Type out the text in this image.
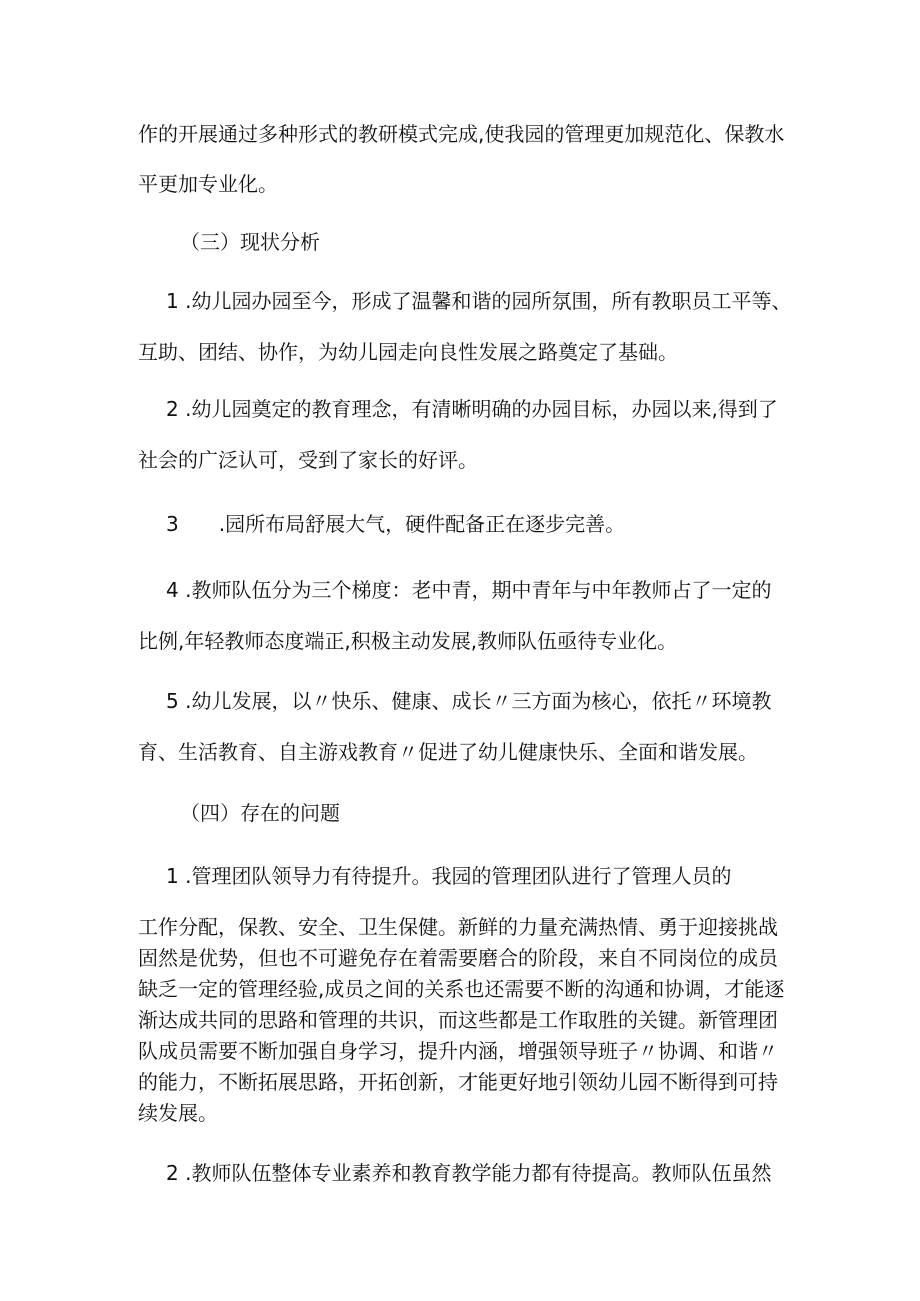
作的开展通过多种形式的教研模式完成,使我园的管理更加规范化、保教水
平更加专业化。
（三）现状分析
1 .幼儿园办园至今，形成了温馨和谐的园所氛围，所有教职员工平等、
互助、团结、协作，为幼儿园走向良性发展之路奠定了基础。
2 .幼儿园奠定的教育理念，有清晰明确的办园目标，办园以来,得到了
社会的广泛认可，受到了家长的好评。
3　　.园所布局舒展大气，硬件配备正在逐步完善。
4 .教师队伍分为三个梯度：老中青，期中青年与中年教师占了一定的
比例,年轻教师态度端正,积极主动发展,教师队伍亟待专业化。
5 .幼儿发展，以〃快乐、健康、成长〃三方面为核心，依托〃环境教
育、生活教育、自主游戏教育〃促进了幼儿健康快乐、全面和谐发展。
（四）存在的问题
1 .管理团队领导力有待提升。我园的管理团队进行了管理人员的
工作分配，保教、安全、卫生保健。新鲜的力量充满热情、勇于迎接挑战
固然是优势，但也不可避免存在着需要磨合的阶段，来自不同岗位的成员
缺乏一定的管理经验,成员之间的关系也还需要不断的沟通和协调，才能逐
渐达成共同的思路和管理的共识，而这些都是工作取胜的关键。新管理团
队成员需要不断加强自身学习，提升内涵，增强领导班子〃协调、和谐〃
的能力，不断拓展思路，开拓创新，才能更好地引领幼儿园不断得到可持
续发展。
2 .教师队伍整体专业素养和教育教学能力都有待提高。教师队伍虽然
